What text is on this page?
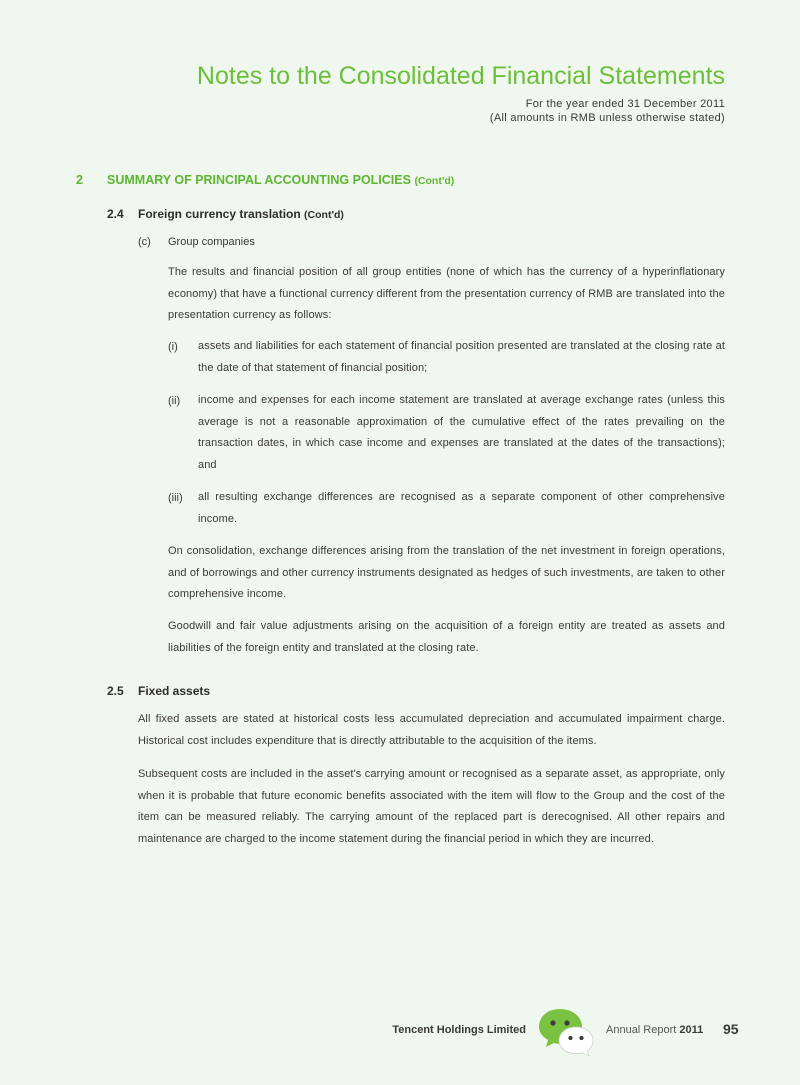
Notes to the Consolidated Financial Statements
For the year ended 31 December 2011
(All amounts in RMB unless otherwise stated)
2 SUMMARY OF PRINCIPAL ACCOUNTING POLICIES (Cont'd)
2.4 Foreign currency translation (Cont'd)
(c) Group companies
The results and financial position of all group entities (none of which has the currency of a hyperinflationary economy) that have a functional currency different from the presentation currency of RMB are translated into the presentation currency as follows:
(i) assets and liabilities for each statement of financial position presented are translated at the closing rate at the date of that statement of financial position;
(ii) income and expenses for each income statement are translated at average exchange rates (unless this average is not a reasonable approximation of the cumulative effect of the rates prevailing on the transaction dates, in which case income and expenses are translated at the dates of the transactions); and
(iii) all resulting exchange differences are recognised as a separate component of other comprehensive income.
On consolidation, exchange differences arising from the translation of the net investment in foreign operations, and of borrowings and other currency instruments designated as hedges of such investments, are taken to other comprehensive income.
Goodwill and fair value adjustments arising on the acquisition of a foreign entity are treated as assets and liabilities of the foreign entity and translated at the closing rate.
2.5 Fixed assets
All fixed assets are stated at historical costs less accumulated depreciation and accumulated impairment charge. Historical cost includes expenditure that is directly attributable to the acquisition of the items.
Subsequent costs are included in the asset's carrying amount or recognised as a separate asset, as appropriate, only when it is probable that future economic benefits associated with the item will flow to the Group and the cost of the item can be measured reliably. The carrying amount of the replaced part is derecognised. All other repairs and maintenance are charged to the income statement during the financial period in which they are incurred.
Tencent Holdings Limited	Annual Report 2011 95
